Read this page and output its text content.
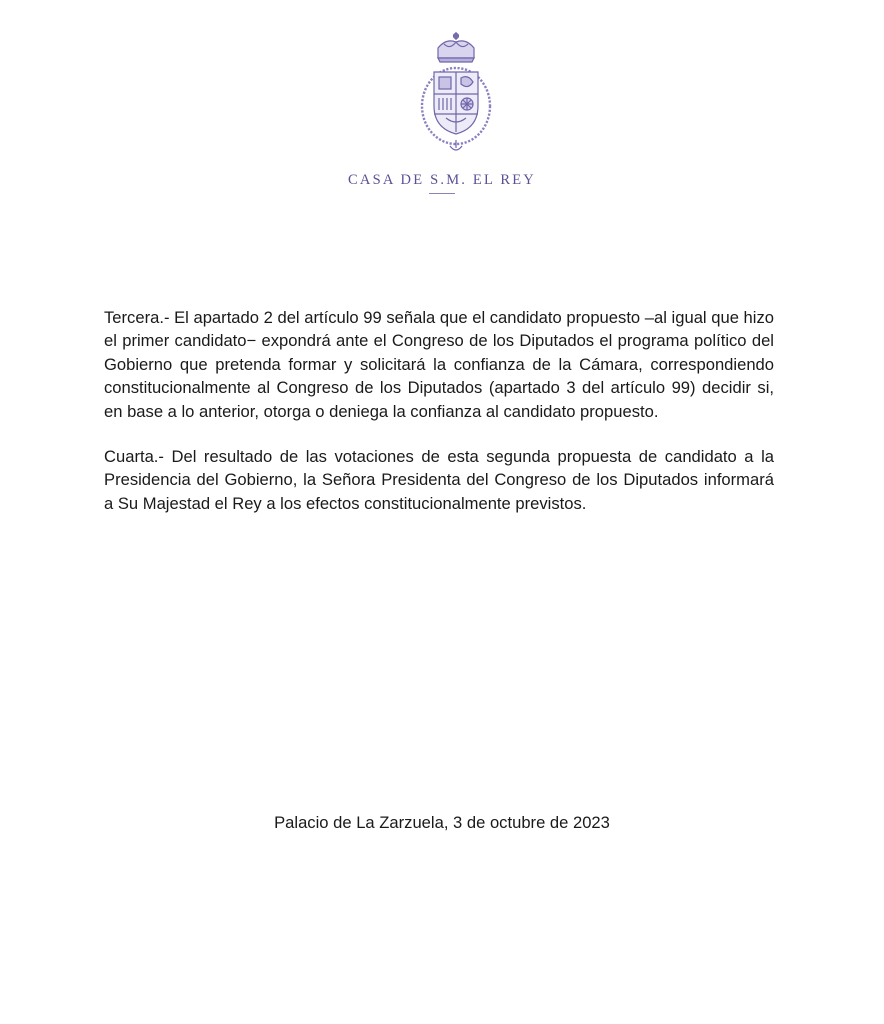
CASA DE S.M. EL REY

Tercera.- El apartado 2 del artículo 99 señala que el candidato propuesto –al igual que hizo el primer candidato− expondrá ante el Congreso de los Diputados el programa político del Gobierno que pretenda formar y solicitará la confianza de la Cámara, correspondiendo constitucionalmente al Congreso de los Diputados (apartado 3 del artículo 99) decidir si, en base a lo anterior, otorga o deniega la confianza al candidato propuesto.

Cuarta.- Del resultado de las votaciones de esta segunda propuesta de candidato a la Presidencia del Gobierno, la Señora Presidenta del Congreso de los Diputados informará a Su Majestad el Rey a los efectos constitucionalmente previstos.

Palacio de La Zarzuela, 3 de octubre de 2023
